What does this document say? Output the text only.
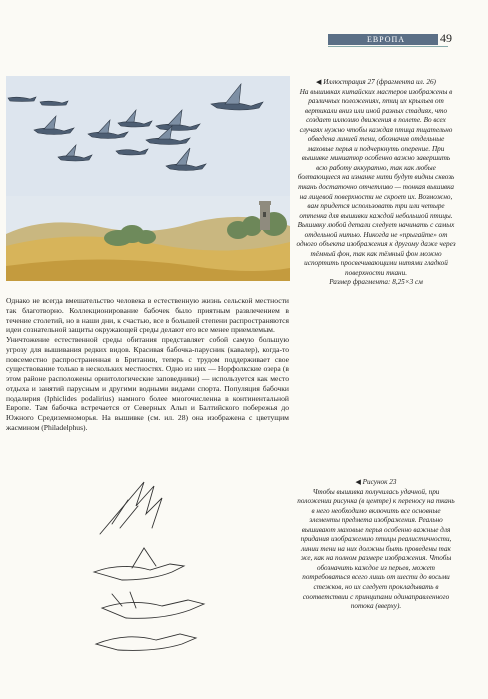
ЕВРОПА	49

◀ Иллюстрация 27 (фрагмента ил. 26)

На вышивках китайских мастеров изображены в различных положениях, птиц их крыльев от вертикали вниз или иной разных стадиях, что создает иллюзию движения в полете. Во всех случаях нужно чтобы каждая птица тщательно обведена линией тени, обозначив отдельные маховые перья и подчеркнуть оперение. При вышивке миниатюр особенно важно завершить всю работу аккуратно, так как любые болтающиеся на изнанке нити будут видны сквозь ткань достаточно отчетливо — тонкая вышивка на лицевой поверхности не скроет их. Возможно, вам придется использовать три или четыре оттенка для вышивки каждой небольшой птицы. Вышивку любой детали следует начинать с самых отдельной нитью. Никогда не «прыгайте» от одного объекта изображения к другому даже через тёмный фон, так как тёмный фон можно испортить просвечивающими нитями гладкой поверхности ткани.

Размер фрагмента: 8,25×3 см

◀ Рисунок 23

Чтобы вышивка получилась удачной, при положении рисунка (в центре) к переносу на ткань в него необходимо включить все основные элементы предмета изображения. Реально вышивают маховые перья особенно важные для придания изображению птицы реалистичности, линии тени на них должны быть проведены так же, как на полном размере изображения. Чтобы обозначить каждое из перьев, может потребоваться всего лишь от шести до восьми стежков, но их следует прокладывать в соответствии с принципами одинаправленного потока (вверху).

Однако не всегда вмешательство человека в естественную жизнь сельской местности так благотворно. Коллекционирование бабочек было приятным развлечением в течение столетий, но в наши дни, к счастью, все в большей степени распространяются идеи сознательной защиты окружающей среды делают его все менее приемлемым.

Уничтожение естественной среды обитания представляет собой самую большую угрозу для вышивания редких видов. Красивая бабочка-парусник (кавалер), когда-то повсеместно распространенная в Британии, теперь с трудом поддерживает свое существование только в нескольких местностях. Одно из них — Норфолкские озера (в этом районе расположены орнитологические заповедники) — используется как место отдыха и занятий парусным и другими водными видами спорта. Популяция бабочки подалирия (Iphiclides podalirius) намного более многочисленна в континентальной Европе. Там бабочка встречается от Северных Альп и Балтийского побережья до Южного Средиземноморья. На вышивке (см. ил. 28) она изображена с цветущим жасмином (Philadelphus).
